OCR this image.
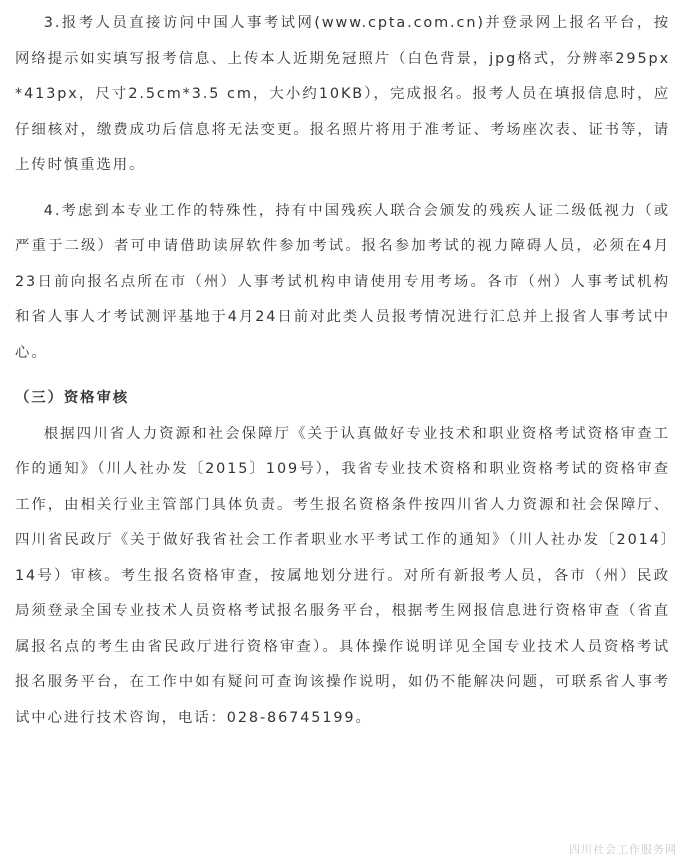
3.报考人员直接访问中国人事考试网(www.cpta.com.cn)并登录网上报名平台，按网络提示如实填写报考信息、上传本人近期免冠照片（白色背景，jpg格式，分辨率295px*413px，尺寸2.5cm*3.5 cm，大小约10KB），完成报名。报考人员在填报信息时，应仔细核对，缴费成功后信息将无法变更。报名照片将用于准考证、考场座次表、证书等，请上传时慎重选用。

4.考虑到本专业工作的特殊性，持有中国残疾人联合会颁发的残疾人证二级低视力（或严重于二级）者可申请借助读屏软件参加考试。报名参加考试的视力障碍人员，必须在4月23日前向报名点所在市（州）人事考试机构申请使用专用考场。各市（州）人事考试机构和省人事人才考试测评基地于4月24日前对此类人员报考情况进行汇总并上报省人事考试中心。

（三）资格审核

根据四川省人力资源和社会保障厅《关于认真做好专业技术和职业资格考试资格审查工作的通知》（川人社办发〔2015〕109号），我省专业技术资格和职业资格考试的资格审查工作，由相关行业主管部门具体负责。考生报名资格条件按四川省人力资源和社会保障厅、四川省民政厅《关于做好我省社会工作者职业水平考试工作的通知》（川人社办发〔2014〕14号）审核。考生报名资格审查，按属地划分进行。对所有新报考人员，各市（州）民政局须登录全国专业技术人员资格考试报名服务平台，根据考生网报信息进行资格审查（省直属报名点的考生由省民政厅进行资格审查）。具体操作说明详见全国专业技术人员资格考试报名服务平台，在工作中如有疑问可查询该操作说明，如仍不能解决问题，可联系省人事考试中心进行技术咨询，电话：028-86745199。

四川社会工作服务网
